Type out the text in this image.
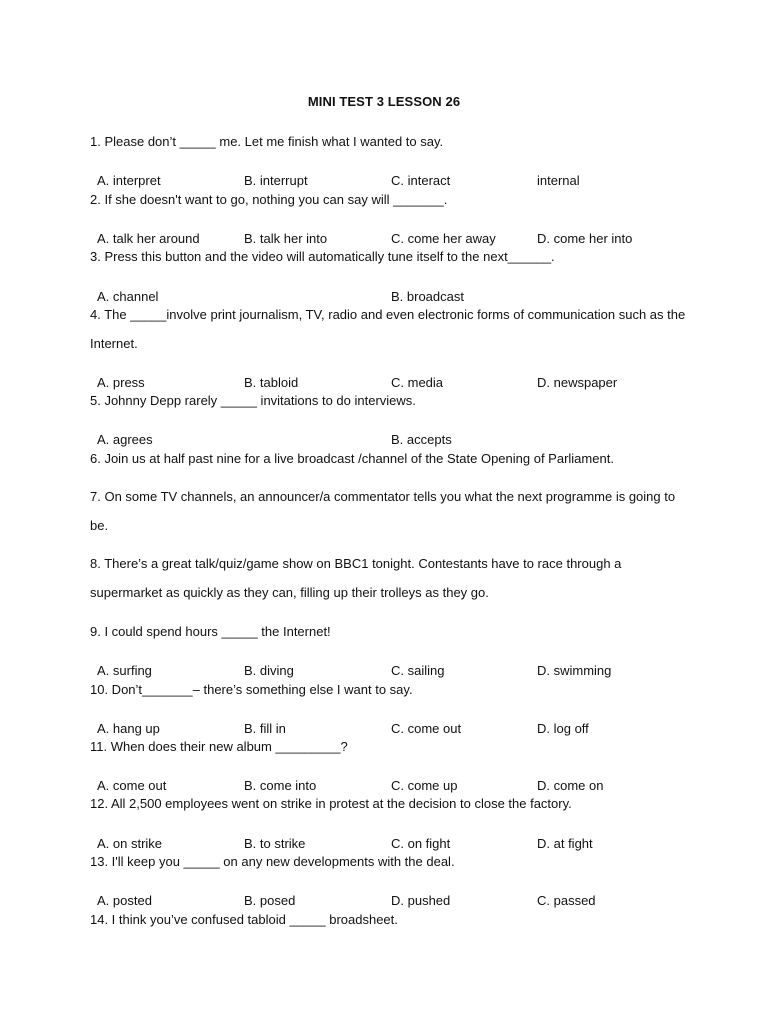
MINI TEST 3 LESSON 26
1. Please don’t _____ me. Let me finish what I wanted to say.
A. interpret	B. interrupt	C. interact	internal
2. If she doesn't want to go, nothing you can say will _______.
A. talk her around	B. talk her into	C. come her away	D. come her into
3. Press this button and the video will automatically tune itself to the next______.
A. channel	B. broadcast
4. The _____involve print journalism, TV, radio and even electronic forms of communication such as the Internet.
A. press	B. tabloid	C. media	D. newspaper
5. Johnny Depp rarely _____ invitations to do interviews.
A. agrees	B. accepts
6. Join us at half past nine for a live broadcast /channel of the State Opening of Parliament.
7. On some TV channels, an announcer/a commentator tells you what the next programme is going to be.
8. There’s a great talk/quiz/game show on BBC1 tonight. Contestants have to race through a supermarket as quickly as they can, filling up their trolleys as they go.
9. I could spend hours _____ the Internet!
A. surfing	B. diving	C. sailing	D. swimming
10. Don’t_______– there’s something else I want to say.
A. hang up	B. fill in	C. come out	D. log off
11. When does their new album _________?
A. come out	B. come into	C. come up	D. come on
12. All 2,500 employees went on strike in protest at the decision to close the factory.
A. on strike	B. to strike	C. on fight	D. at fight
13. I'll keep you _____ on any new developments with the deal.
A. posted	B. posed	D. pushed	C. passed
14. I think you’ve confused tabloid _____ broadsheet.
